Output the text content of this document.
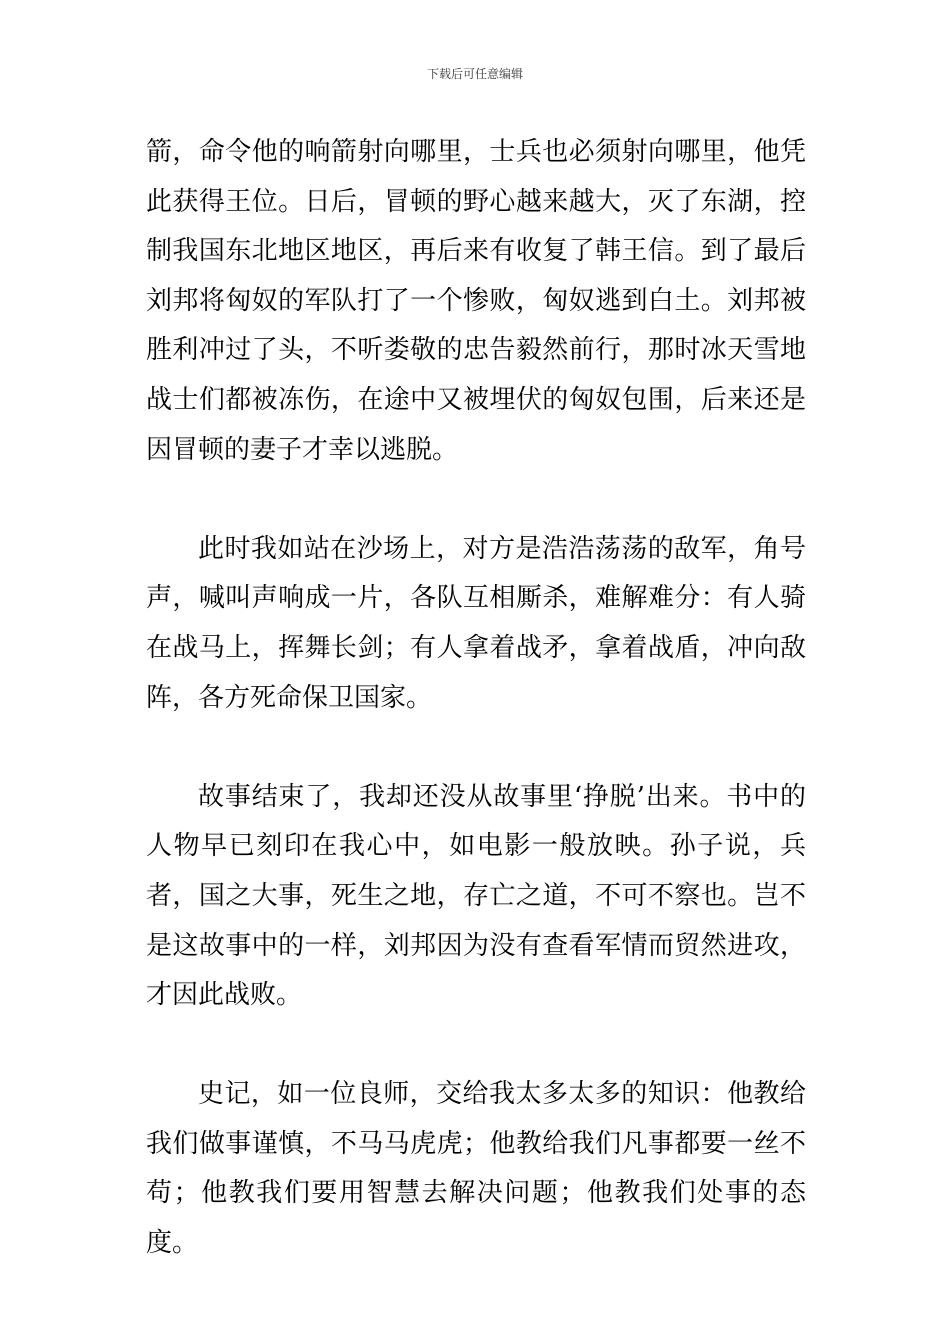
下载后可任意编辑

箭，命令他的响箭射向哪里，士兵也必须射向哪里，他凭此获得王位。日后，冒顿的野心越来越大，灭了东湖，控制我国东北地区地区，再后来有收复了韩王信。到了最后刘邦将匈奴的军队打了一个惨败，匈奴逃到白土。刘邦被胜利冲过了头，不听娄敬的忠告毅然前行，那时冰天雪地战士们都被冻伤，在途中又被埋伏的匈奴包围，后来还是因冒顿的妻子才幸以逃脱。

此时我如站在沙场上，对方是浩浩荡荡的敌军，角号声，喊叫声响成一片，各队互相厮杀，难解难分：有人骑在战马上，挥舞长剑；有人拿着战矛，拿着战盾，冲向敌阵，各方死命保卫国家。

故事结束了，我却还没从故事里‘挣脱’出来。书中的人物早已刻印在我心中，如电影一般放映。孙子说，兵者，国之大事，死生之地，存亡之道，不可不察也。岂不是这故事中的一样，刘邦因为没有查看军情而贸然进攻，才因此战败。

史记，如一位良师，交给我太多太多的知识：他教给我们做事谨慎，不马马虎虎；他教给我们凡事都要一丝不苟；他教我们要用智慧去解决问题；他教我们处事的态度。
